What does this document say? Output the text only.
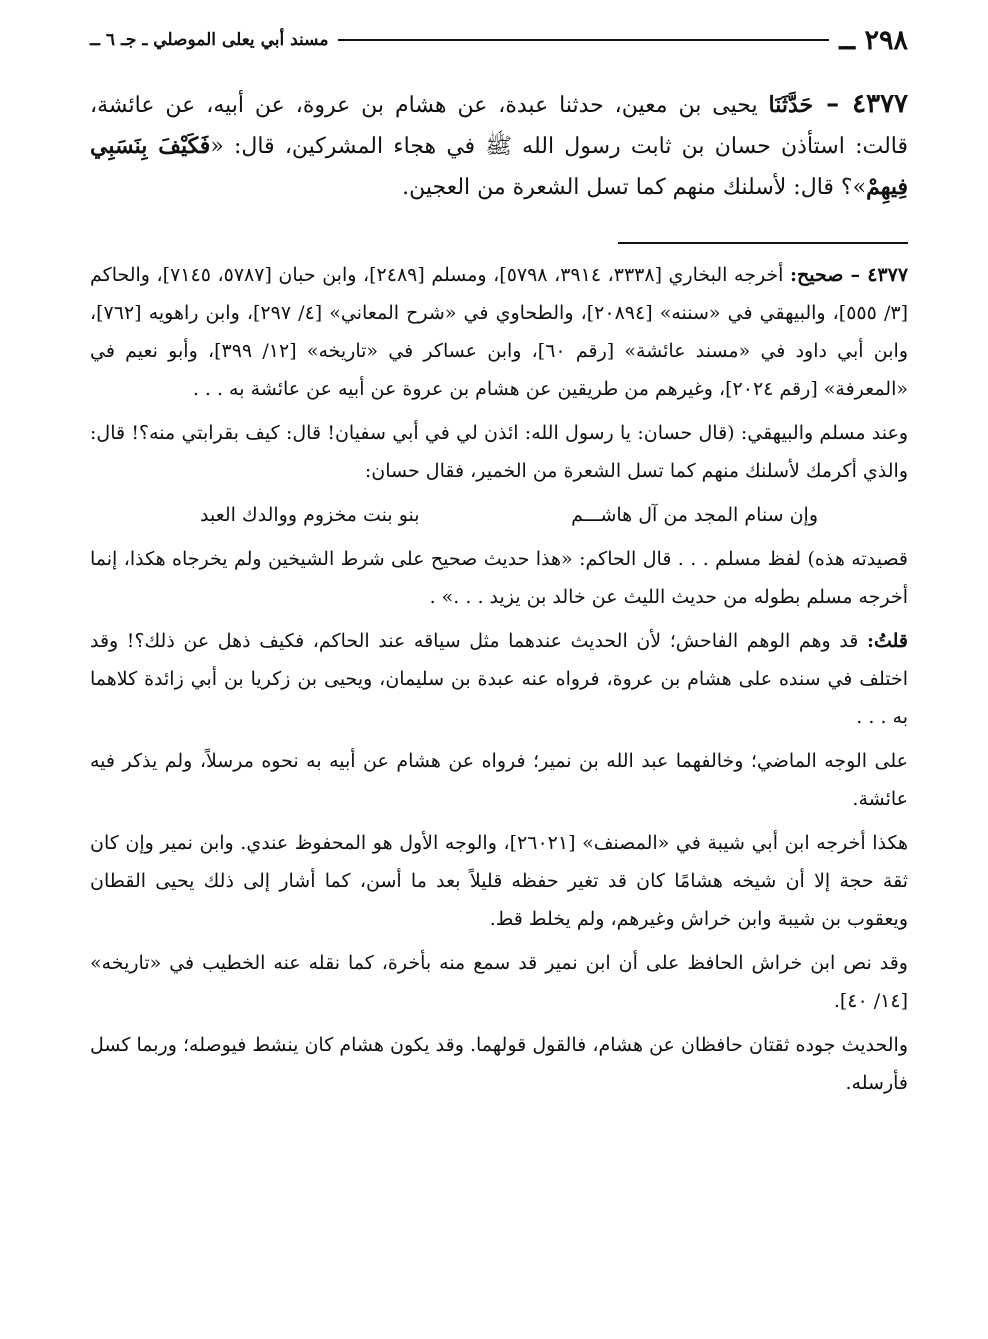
٢٩٨ ــ
مسند أبي يعلى الموصلي ـ جـ ٦ ــ
٤٣٧٧ – حَدَّثَنَا يحيى بن معين، حدثنا عبدة، عن هشام بن عروة، عن أبيه، عن عائشة، قالت: استأذن حسان بن ثابت رسول الله ﷺ في هجاء المشركين، قال: «فَكَيْفَ بِنَسَبِي فِيهِمْ»؟ قال: لأسلنك منهم كما تسل الشعرة من العجين.

٤٣٧٧ – صحيح: أخرجه البخاري [٣٣٣٨، ٣٩١٤، ٥٧٩٨]، ومسلم [٢٤٨٩]، وابن حبان [٥٧٨٧، ٧١٤٥]، والحاكم [٣/ ٥٥٥]، والبيهقي في «سننه» [٢٠٨٩٤]، والطحاوي في «شرح المعاني» [٤/ ٢٩٧]، وابن راهويه [٧٦٢]، وابن أبي داود في «مسند عائشة» [رقم ٦٠]، وابن عساكر في «تاريخه» [١٢/ ٣٩٩]، وأبو نعيم في «المعرفة» [رقم ٢٠٢٤]، وغيرهم من طريقين عن هشام بن عروة عن أبيه عن عائشة به . . .

وعند مسلم والبيهقي: (قال حسان: يا رسول الله: ائذن لي في أبي سفيان! قال: كيف بقرابتي منه؟! قال: والذي أكرمك لأسلنك منهم كما تسل الشعرة من الخمير، فقال حسان:

وإن سنام المجد من آل هاشـــم
بنو بنت مخزوم ووالدك العبد

قصيدته هذه) لفظ مسلم . . . قال الحاكم: «هذا حديث صحيح على شرط الشيخين ولم يخرجاه هكذا، إنما أخرجه مسلم بطوله من حديث الليث عن خالد بن يزيد . . .» .

قلتُ: قد وهم الوهم الفاحش؛ لأن الحديث عندهما مثل سياقه عند الحاكم، فكيف ذهل عن ذلك؟! وقد اختلف في سنده على هشام بن عروة، فرواه عنه عبدة بن سليمان، ويحيى بن زكريا بن أبي زائدة كلاهما به . . .

على الوجه الماضي؛ وخالفهما عبد الله بن نمير؛ فرواه عن هشام عن أبيه به نحوه مرسلاً، ولم يذكر فيه عائشة.

هكذا أخرجه ابن أبي شيبة في «المصنف» [٢٦٠٢١]، والوجه الأول هو المحفوظ عندي. وابن نمير وإن كان ثقة حجة إلا أن شيخه هشامًا كان قد تغير حفظه قليلاً بعد ما أسن، كما أشار إلى ذلك يحيى القطان ويعقوب بن شيبة وابن خراش وغيرهم، ولم يخلط قط.

وقد نص ابن خراش الحافظ على أن ابن نمير قد سمع منه بأخرة، كما نقله عنه الخطيب في «تاريخه» [١٤/ ٤٠].

والحديث جوده ثقتان حافظان عن هشام، فالقول قولهما. وقد يكون هشام كان ينشط فيوصله؛ وربما كسل فأرسله.
